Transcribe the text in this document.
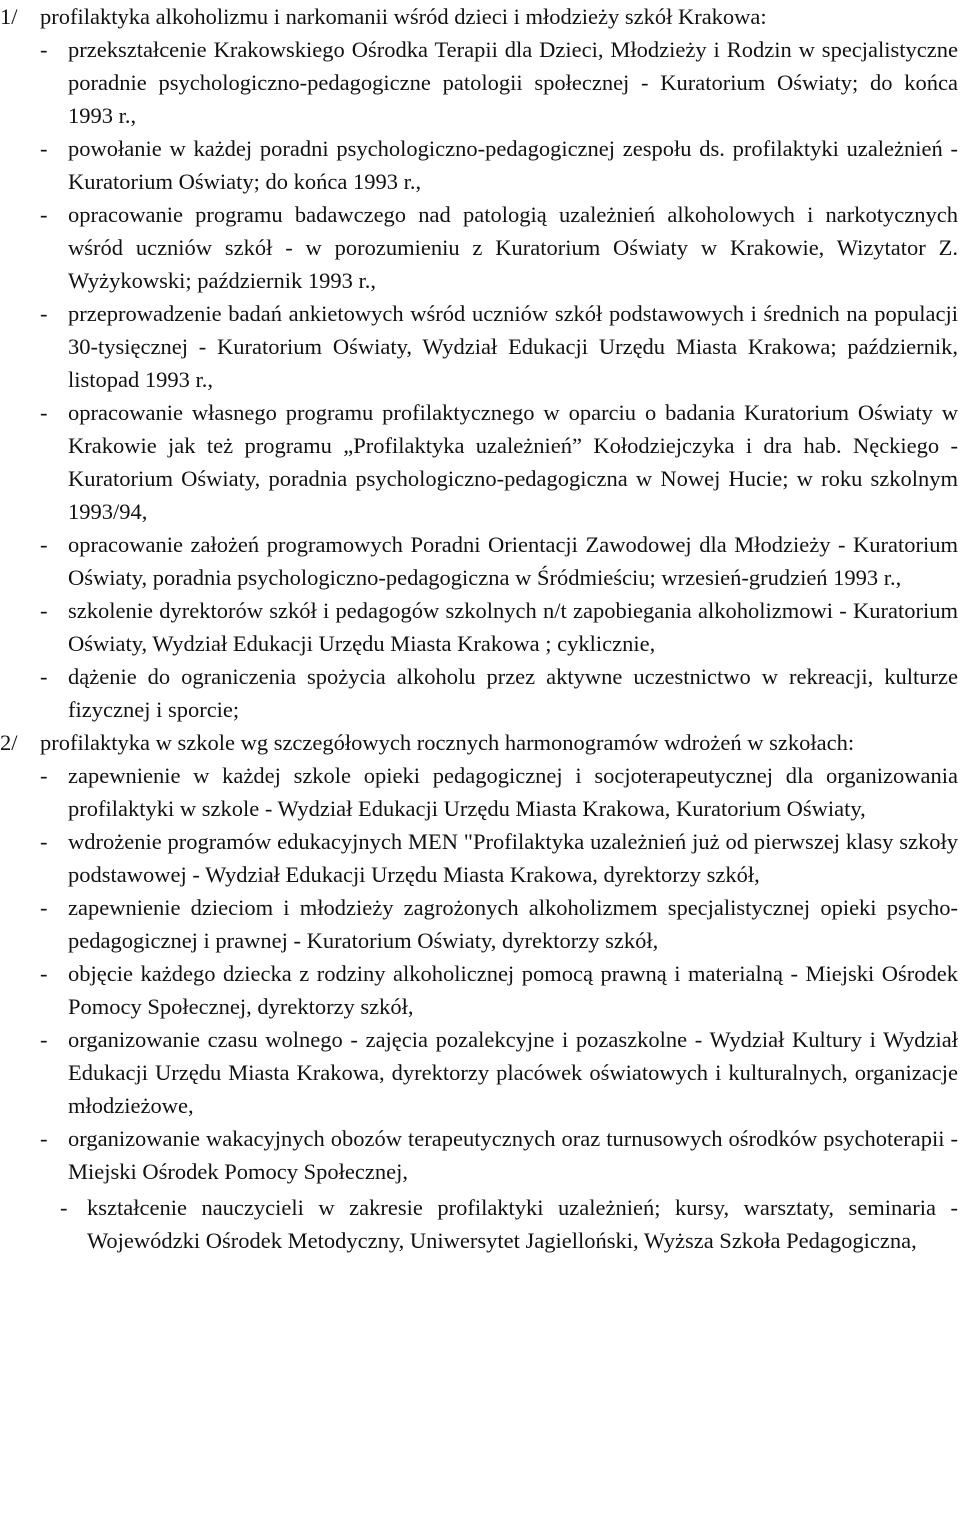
1/ profilaktyka alkoholizmu i narkomanii wśród dzieci i młodzieży szkół Krakowa:
- przekształcenie Krakowskiego Ośrodka Terapii dla Dzieci, Młodzieży i Rodzin w specjalistyczne poradnie psychologiczno-pedagogiczne patologii społecznej - Kuratorium Oświaty; do końca 1993 r.,
- powołanie w każdej poradni psychologiczno-pedagogicznej zespołu ds. profilaktyki uzależnień - Kuratorium Oświaty; do końca 1993 r.,
- opracowanie programu badawczego nad patologią uzależnień alkoholowych i narkotycznych wśród uczniów szkół - w porozumieniu z Kuratorium Oświaty w Krakowie, Wizytator Z. Wyżykowski; październik 1993 r.,
- przeprowadzenie badań ankietowych wśród uczniów szkół podstawowych i średnich na populacji 30-tysięcznej - Kuratorium Oświaty, Wydział Edukacji Urzędu Miasta Krakowa; październik, listopad 1993 r.,
- opracowanie własnego programu profilaktycznego w oparciu o badania Kuratorium Oświaty w Krakowie jak też programu „Profilaktyka uzależnień” Kołodziejczyka i dra hab. Nęckiego - Kuratorium Oświaty, poradnia psychologiczno-pedagogiczna w Nowej Hucie; w roku szkolnym 1993/94,
- opracowanie założeń programowych Poradni Orientacji Zawodowej dla Młodzieży - Kuratorium Oświaty, poradnia psychologiczno-pedagogiczna w Śródmieściu; wrzesień-grudzień 1993 r.,
- szkolenie dyrektorów szkół i pedagogów szkolnych n/t zapobiegania alkoholizmowi - Kuratorium Oświaty, Wydział Edukacji Urzędu Miasta Krakowa ; cyklicznie,
- dążenie do ograniczenia spożycia alkoholu przez aktywne uczestnictwo w rekreacji, kulturze fizycznej i sporcie;
2/ profilaktyka w szkole wg szczegółowych rocznych harmonogramów wdrożeń w szkołach:
- zapewnienie w każdej szkole opieki pedagogicznej i socjoterapeutycznej dla organizowania profilaktyki w szkole - Wydział Edukacji Urzędu Miasta Krakowa, Kuratorium Oświaty,
- wdrożenie programów edukacyjnych MEN "Profilaktyka uzależnień już od pierwszej klasy szkoły podstawowej - Wydział Edukacji Urzędu Miasta Krakowa, dyrektorzy szkół,
- zapewnienie dzieciom i młodzieży zagrożonych alkoholizmem specjalistycznej opieki psycho-pedagogicznej i prawnej - Kuratorium Oświaty, dyrektorzy szkół,
- objęcie każdego dziecka z rodziny alkoholicznej pomocą prawną i materialną - Miejski Ośrodek Pomocy Społecznej, dyrektorzy szkół,
- organizowanie czasu wolnego - zajęcia pozalekcyjne i pozaszkolne - Wydział Kultury i Wydział Edukacji Urzędu Miasta Krakowa, dyrektorzy placówek oświatowych i kulturalnych, organizacje młodzieżowe,
- organizowanie wakacyjnych obozów terapeutycznych oraz turnusowych ośrodków psychoterapii - Miejski Ośrodek Pomocy Społecznej,
- kształcenie nauczycieli w zakresie profilaktyki uzależnień; kursy, warsztaty, seminaria - Wojewódzki Ośrodek Metodyczny, Uniwersytet Jagielloński, Wyższa Szkoła Pedagogiczna,
